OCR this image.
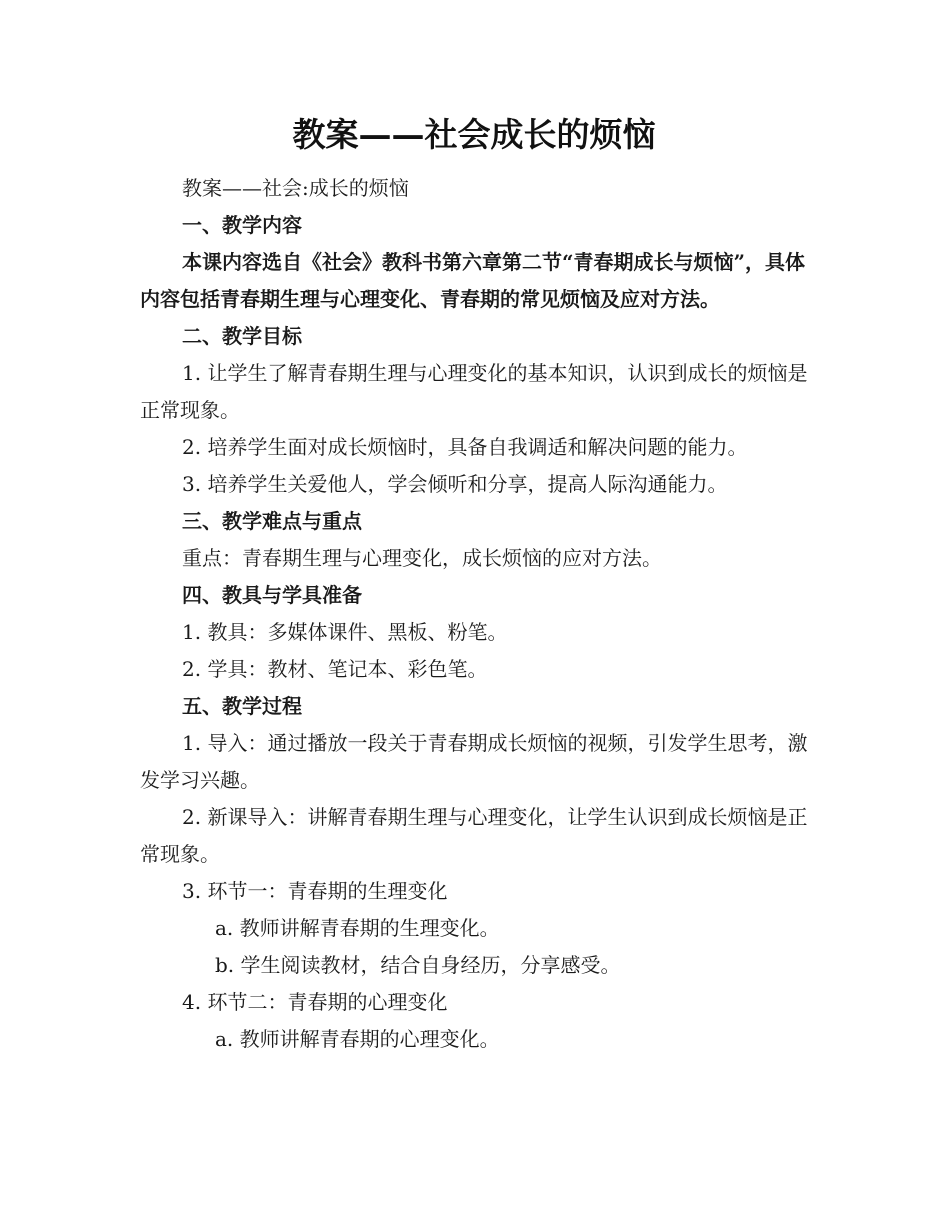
教案——社会成长的烦恼

教案——社会:成长的烦恼

一、教学内容

本课内容选自《社会》教科书第六章第二节“青春期成长与烦恼”，具体内容包括青春期生理与心理变化、青春期的常见烦恼及应对方法。

二、教学目标

1. 让学生了解青春期生理与心理变化的基本知识，认识到成长的烦恼是正常现象。

2. 培养学生面对成长烦恼时，具备自我调适和解决问题的能力。

3. 培养学生关爱他人，学会倾听和分享，提高人际沟通能力。

三、教学难点与重点

重点：青春期生理与心理变化，成长烦恼的应对方法。

四、教具与学具准备

1. 教具：多媒体课件、黑板、粉笔。

2. 学具：教材、笔记本、彩色笔。

五、教学过程

1. 导入：通过播放一段关于青春期成长烦恼的视频，引发学生思考，激发学习兴趣。

2. 新课导入：讲解青春期生理与心理变化，让学生认识到成长烦恼是正常现象。

3. 环节一：青春期的生理变化

a. 教师讲解青春期的生理变化。

b. 学生阅读教材，结合自身经历，分享感受。

4. 环节二：青春期的心理变化

a. 教师讲解青春期的心理变化。
